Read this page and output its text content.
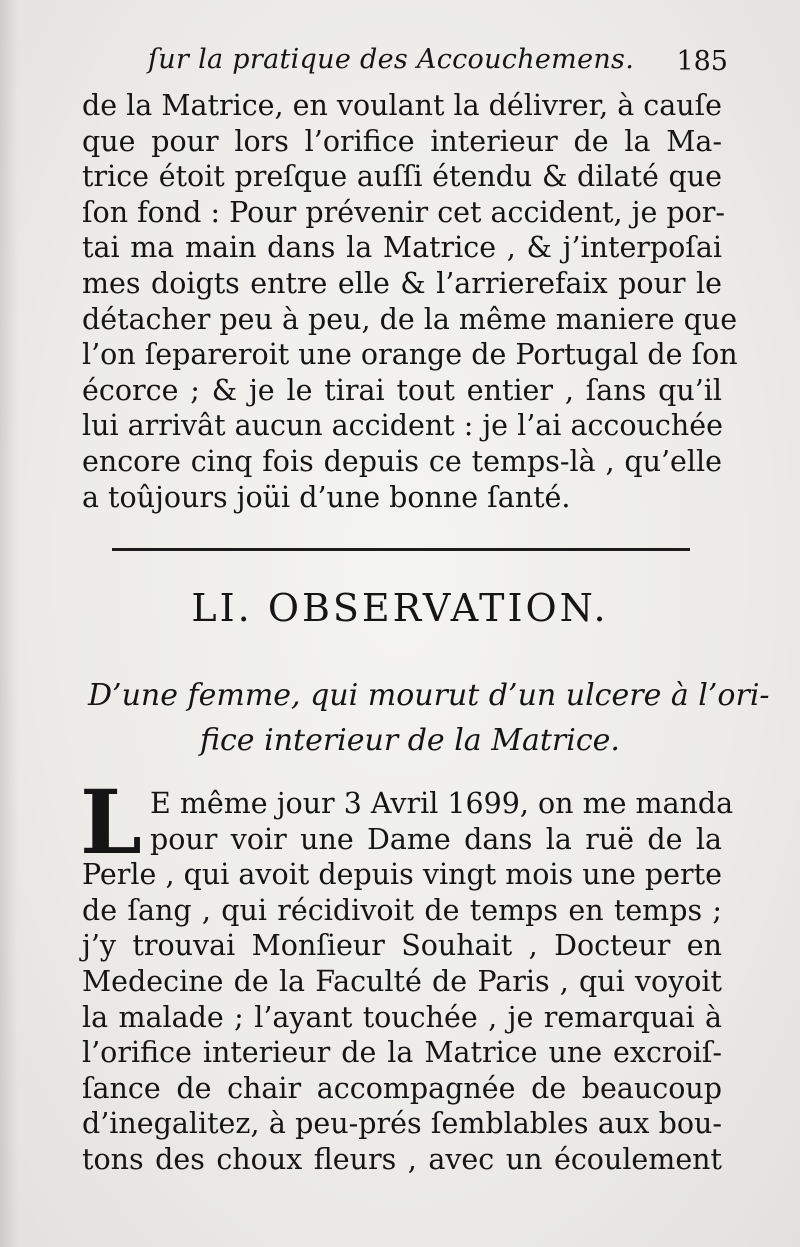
ſur la pratique des Accouchemens. 185
de la Matrice, en voulant la délivrer, à cauſe
que pour lors l’orifice interieur de la Ma-
trice étoit preſque auſſi étendu & dilaté que
ſon fond : Pour prévenir cet accident, je por-
tai ma main dans la Matrice , & j’interpoſai
mes doigts entre elle & l’arrierefaix pour le
détacher peu à peu, de la même maniere que
l’on ſepareroit une orange de Portugal de ſon
écorce ; & je le tirai tout entier , ſans qu’il
lui arrivât aucun accident : je l’ai accouchée
encore cinq fois depuis ce temps-là , qu’elle
a toûjours joüi d’une bonne ſanté.
LI. OBSERVATION.
D’une femme, qui mourut d’un ulcere à l’ori-
fice interieur de la Matrice.
L E même jour 3 Avril 1699, on me manda
pour voir une Dame dans la ruë de la
Perle , qui avoit depuis vingt mois une perte
de ſang , qui récidivoit de temps en temps ;
j’y trouvai Monſieur Souhait , Docteur en
Medecine de la Faculté de Paris , qui voyoit
la malade ; l’ayant touchée , je remarquai à
l’orifice interieur de la Matrice une excroiſ-
ſance de chair accompagnée de beaucoup
d’inegalitez, à peu-prés ſemblables aux bou-
tons des choux fleurs , avec un écoulement
